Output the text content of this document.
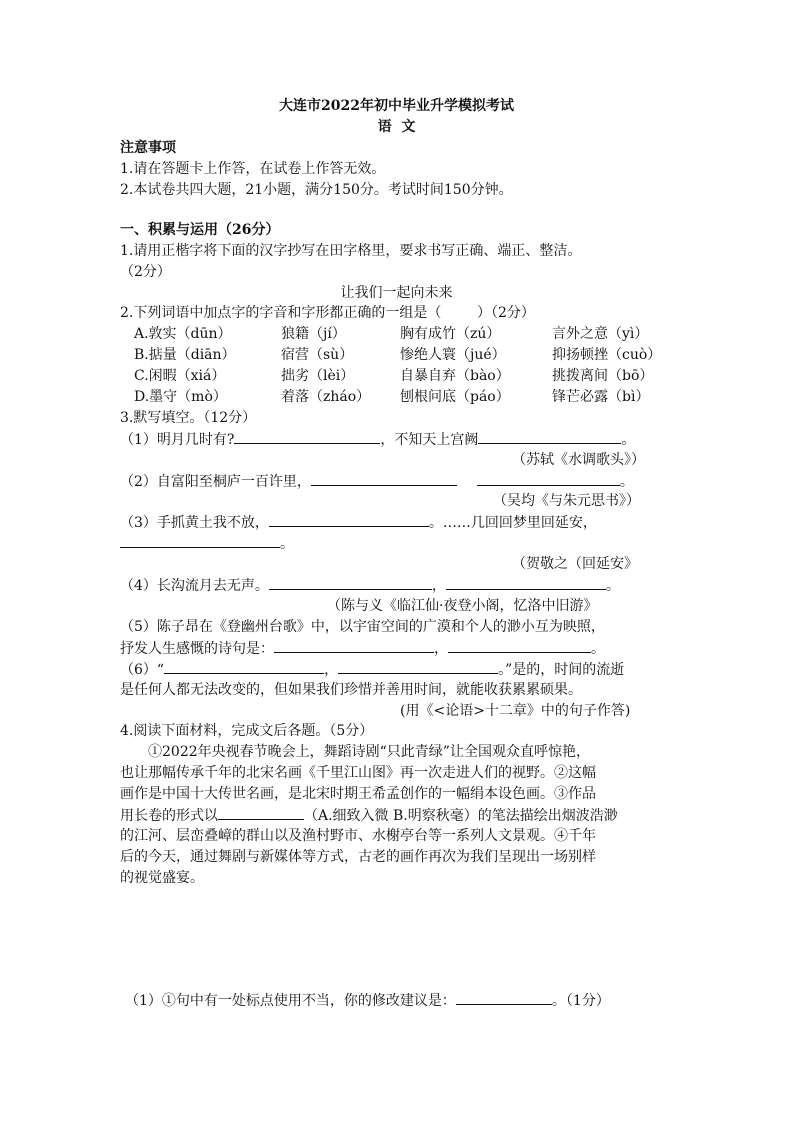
大连市2022年初中毕业升学模拟考试
语  文
注意事项
1.请在答题卡上作答，在试卷上作答无效。
2.本试卷共四大题，21小题，满分150分。考试时间150分钟。
一、积累与运用（26分）
1.请用正楷字将下面的汉字抄写在田字格里，要求书写正确、端正、整洁。
（2分）
让我们一起向未来
2.下列词语中加点字的字音和字形都正确的一组是（        ）（2分）
A.敦实（dūn）	狼籍（jí）	胸有成竹（zú）	言外之意（yì）
B.掂量（diān）	宿营（sù）	惨绝人寰（jué）	抑扬顿挫（cuò）
C.闲暇（xiá）	拙劣（lèi）	自暴自弃（bào）	挑拨离间（bō）
D.墨守（mò）	着落（zháo） 刨根问底（páo）	锋芒必露（bì）
3.默写填空。（12分）
（1）明月几时有?	，不知天上宫阙	。
（苏轼《水调歌头》）
（2）自富阳至桐庐一百许里，	。
（吴均《与朱元思书》）
（3）手抓黄土我不放，	。……几回回梦里回延安，
。
（贺敬之（回延安》
（4）长沟流月去无声。	，	。
（陈与义《临江仙·夜登小阁，忆洛中旧游》
（5）陈子昂在《登幽州台歌》中，以宇宙空间的广漠和个人的渺小互为映照，
抒发人生感慨的诗句是：	，	。
（6）“	，	。”是的，时间的流逝
是任何人都无法改变的，但如果我们珍惜并善用时间，就能收获累累硕果。
(用《<论语>十二章》中的句子作答)
4.阅读下面材料，完成文后各题。（5分）
①2022年央视春节晚会上，舞蹈诗剧“只此青绿”让全国观众直呼惊艳，
也让那幅传承千年的北宋名画《千里江山图》再一次走进人们的视野。②这幅
画作是中国十大传世名画，是北宋时期王希孟创作的一幅绢本设色画。③作品
用长卷的形式以	（A.细致入微 B.明察秋毫）的笔法描绘出烟波浩渺
的江河、层峦叠嶂的群山以及渔村野市、水榭亭台等一系列人文景观。④千年
后的今天，通过舞剧与新媒体等方式，古老的画作再次为我们呈现出一场别样
的视觉盛宴。
（1）①句中有一处标点使用不当，你的修改建议是：	。（1分）
